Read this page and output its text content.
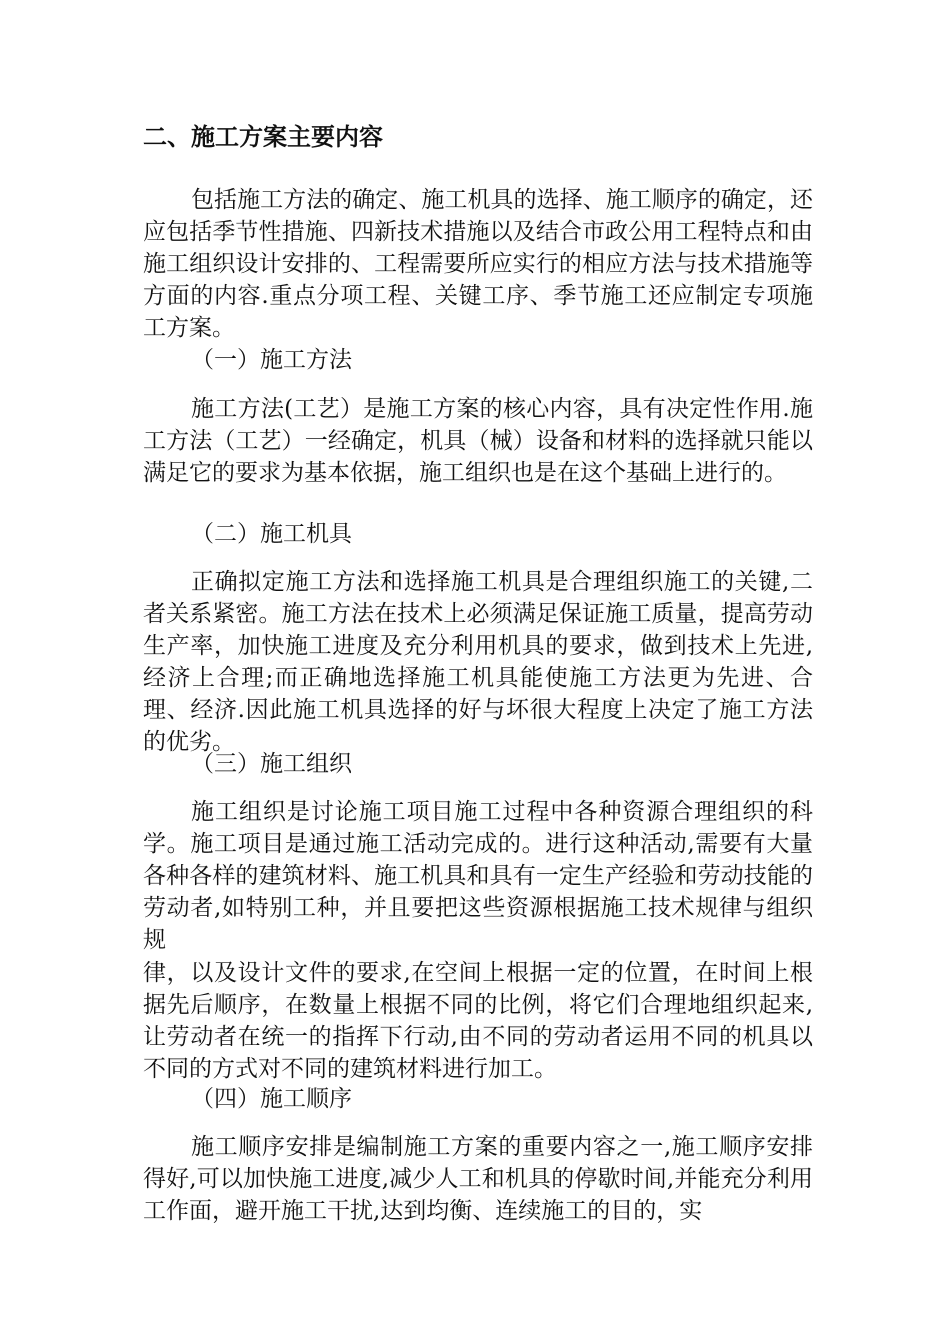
二、施工方案主要内容

包括施工方法的确定、施工机具的选择、施工顺序的确定，还应包括季节性措施、四新技术措施以及结合市政公用工程特点和由施工组织设计安排的、工程需要所应实行的相应方法与技术措施等方面的内容.重点分项工程、关键工序、季节施工还应制定专项施工方案。

（一）施工方法

施工方法(工艺）是施工方案的核心内容，具有决定性作用.施工方法（工艺）一经确定，机具（械）设备和材料的选择就只能以满足它的要求为基本依据，施工组织也是在这个基础上进行的。

（二）施工机具

正确拟定施工方法和选择施工机具是合理组织施工的关键,二者关系紧密。施工方法在技术上必须满足保证施工质量，提高劳动生产率，加快施工进度及充分利用机具的要求，做到技术上先进,经济上合理;而正确地选择施工机具能使施工方法更为先进、合理、经济.因此施工机具选择的好与坏很大程度上决定了施工方法的优劣。

（三）施工组织

施工组织是讨论施工项目施工过程中各种资源合理组织的科学。施工项目是通过施工活动完成的。进行这种活动,需要有大量各种各样的建筑材料、施工机具和具有一定生产经验和劳动技能的劳动者,如特别工种，并且要把这些资源根据施工技术规律与组织规

律，以及设计文件的要求,在空间上根据一定的位置，在时间上根据先后顺序，在数量上根据不同的比例，将它们合理地组织起来,让劳动者在统一的指挥下行动,由不同的劳动者运用不同的机具以不同的方式对不同的建筑材料进行加工。

（四）施工顺序

施工顺序安排是编制施工方案的重要内容之一,施工顺序安排得好,可以加快施工进度,减少人工和机具的停歇时间,并能充分利用工作面，避开施工干扰,达到均衡、连续施工的目的，实
